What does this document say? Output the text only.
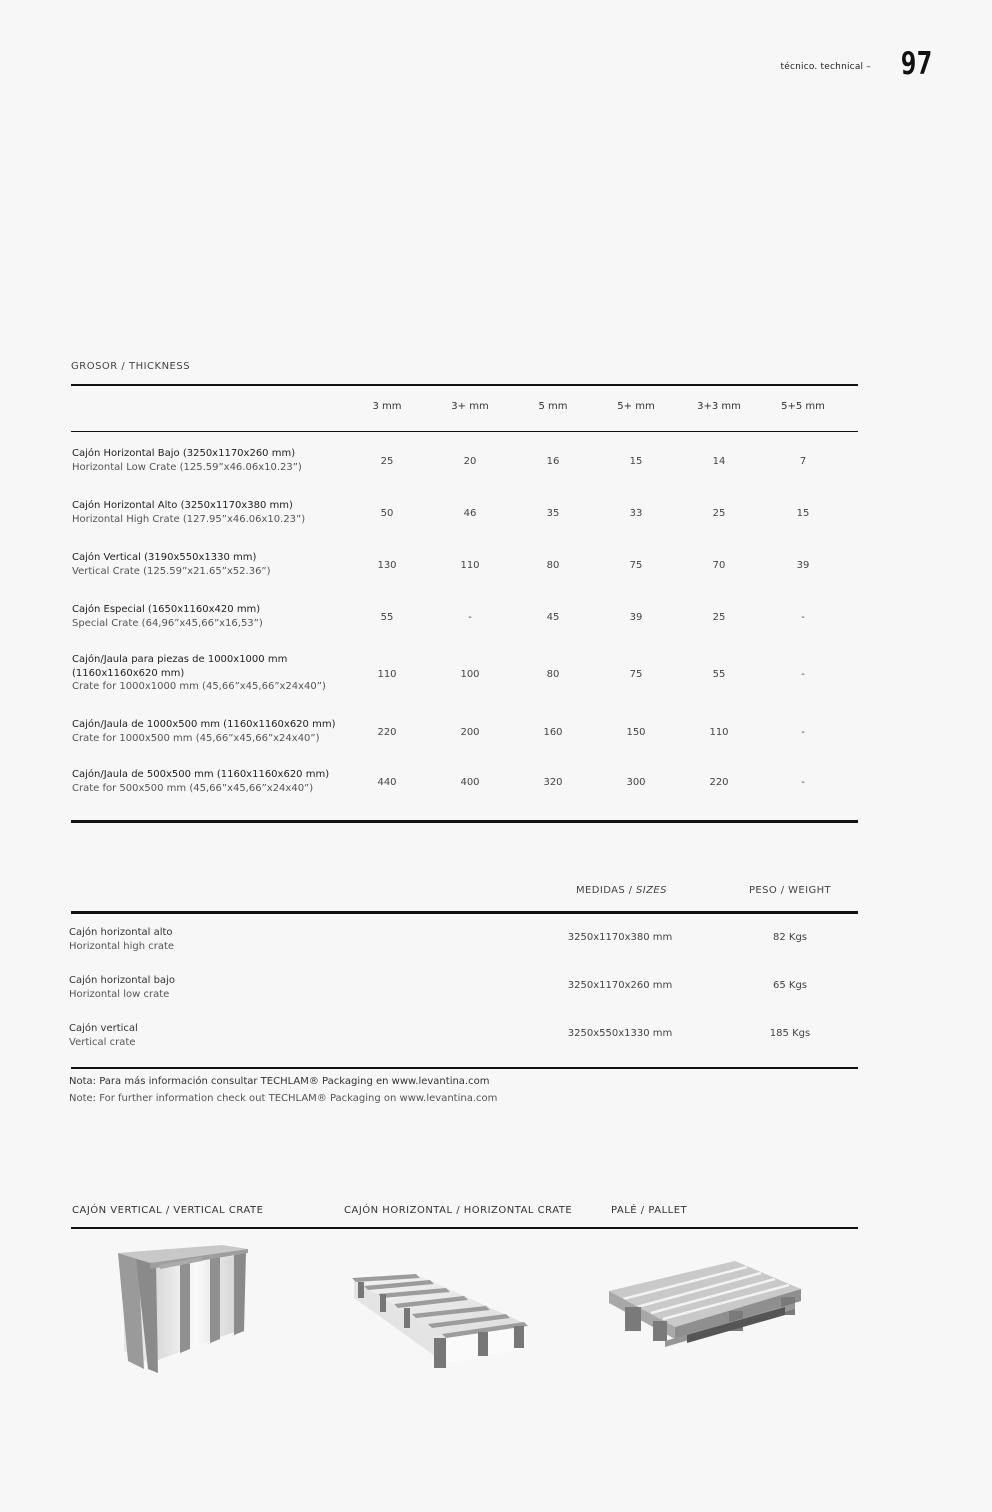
técnico. technical – 97
GROSOR / THICKNESS
3 mm	3+ mm	5 mm	5+ mm	3+3 mm	5+5 mm
Cajón Horizontal Bajo (3250x1170x260 mm)
Horizontal Low Crate (125.59”x46.06x10.23”)	25	20	16	15	14	7
Cajón Horizontal Alto (3250x1170x380 mm)
Horizontal High Crate (127.95”x46.06x10.23”)	50	46	35	33	25	15
Cajón Vertical (3190x550x1330 mm)
Vertical Crate (125.59”x21.65”x52.36”)	130	110	80	75	70	39
Cajón Especial (1650x1160x420 mm)
Special Crate (64,96”x45,66”x16,53”)	55	-	45	39	25	-
Cajón/Jaula para piezas de 1000x1000 mm (1160x1160x620 mm)
Crate for 1000x1000 mm (45,66”x45,66”x24x40”)
110	100	80	75	55	-
Cajón/Jaula de 1000x500 mm (1160x1160x620 mm)
Crate for 1000x500 mm (45,66”x45,66”x24x40”)	220	200	160	150	110	-
Cajón/Jaula de 500x500 mm (1160x1160x620 mm)
Crate for 500x500 mm (45,66”x45,66”x24x40”)	440	400	320	300	220	-
MEDIDAS / SIZES	PESO / WEIGHT
Cajón horizontal alto
Horizontal high crate
3250x1170x380 mm	82 Kgs
Cajón horizontal bajo
Horizontal low crate
3250x1170x260 mm	65 Kgs
Cajón vertical
Vertical crate
3250x550x1330 mm	185 Kgs
Nota: Para más información consultar TECHLAM® Packaging en www.levantina.com
Note: For further information check out TECHLAM® Packaging on www.levantina.com
CAJÓN VERTICAL / VERTICAL CRATE	CAJÓN HORIZONTAL / HORIZONTAL CRATE	PALÉ / PALLET
